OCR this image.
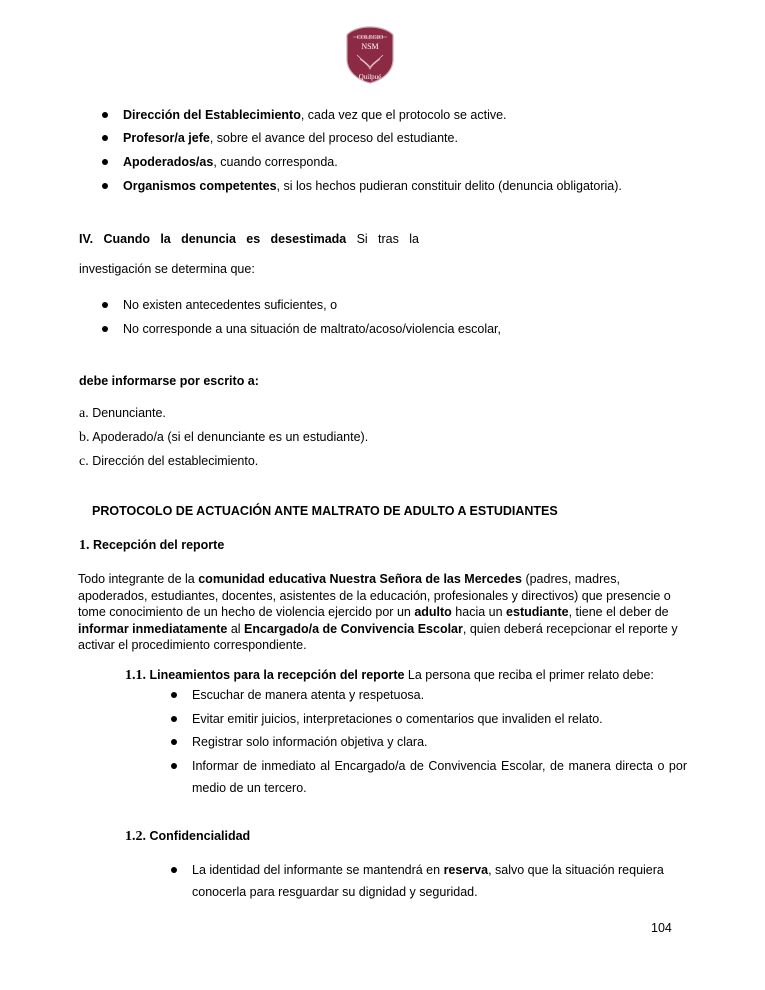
COLEGIO
NSM
Quilpué
Dirección del Establecimiento, cada vez que el protocolo se active.
Profesor/a jefe, sobre el avance del proceso del estudiante.
Apoderados/as, cuando corresponda.
Organismos competentes, si los hechos pudieran constituir delito (denuncia obligatoria).
IV. Cuando la denuncia es desestimada Si tras la
investigación se determina que:
No existen antecedentes suficientes, o
No corresponde a una situación de maltrato/acoso/violencia escolar,
debe informarse por escrito a:
a. Denunciante.
b. Apoderado/a (si el denunciante es un estudiante).
c. Dirección del establecimiento.
PROTOCOLO DE ACTUACIÓN ANTE MALTRATO DE ADULTO A ESTUDIANTES
1. Recepción del reporte
Todo integrante de la comunidad educativa Nuestra Señora de las Mercedes (padres, madres, apoderados, estudiantes, docentes, asistentes de la educación, profesionales y directivos) que presencie o tome conocimiento de un hecho de violencia ejercido por un adulto hacia un estudiante, tiene el deber de informar inmediatamente al Encargado/a de Convivencia Escolar, quien deberá recepcionar el reporte y activar el procedimiento correspondiente.
1.1. Lineamientos para la recepción del reporte La persona que reciba el primer relato debe:
Escuchar de manera atenta y respetuosa.
Evitar emitir juicios, interpretaciones o comentarios que invaliden el relato.
Registrar solo información objetiva y clara.
Informar de inmediato al Encargado/a de Convivencia Escolar, de manera directa o por medio de un tercero.
1.2. Confidencialidad
La identidad del informante se mantendrá en reserva, salvo que la situación requiera conocerla para resguardar su dignidad y seguridad.
104
